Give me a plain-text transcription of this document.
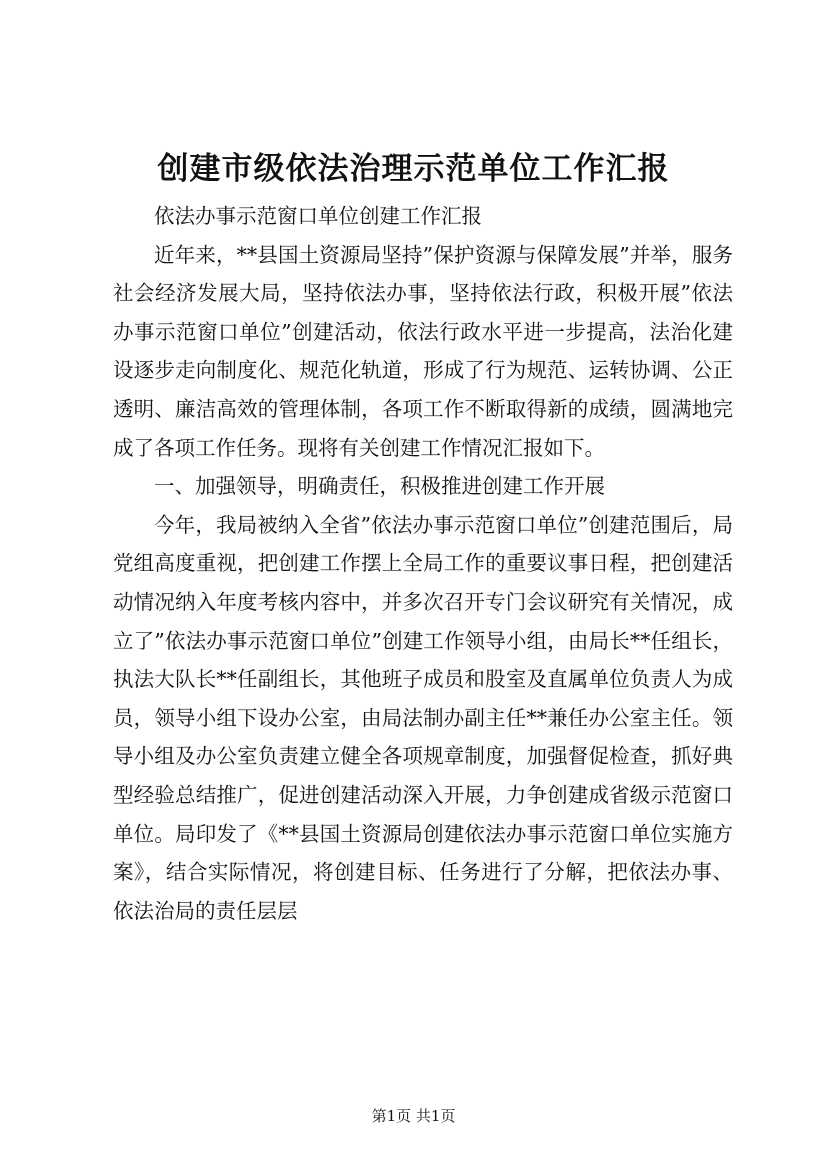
创建市级依法治理示范单位工作汇报

依法办事示范窗口单位创建工作汇报

近年来，**县国土资源局坚持”保护资源与保障发展”并举，服务社会经济发展大局，坚持依法办事，坚持依法行政，积极开展”依法办事示范窗口单位”创建活动，依法行政水平进一步提高，法治化建设逐步走向制度化、规范化轨道，形成了行为规范、运转协调、公正透明、廉洁高效的管理体制，各项工作不断取得新的成绩，圆满地完成了各项工作任务。现将有关创建工作情况汇报如下。

一、加强领导，明确责任，积极推进创建工作开展

今年，我局被纳入全省”依法办事示范窗口单位”创建范围后，局党组高度重视，把创建工作摆上全局工作的重要议事日程，把创建活动情况纳入年度考核内容中，并多次召开专门会议研究有关情况，成立了”依法办事示范窗口单位”创建工作领导小组，由局长**任组长，执法大队长**任副组长，其他班子成员和股室及直属单位负责人为成员，领导小组下设办公室，由局法制办副主任**兼任办公室主任。领导小组及办公室负责建立健全各项规章制度，加强督促检查，抓好典型经验总结推广，促进创建活动深入开展，力争创建成省级示范窗口单位。局印发了《**县国土资源局创建依法办事示范窗口单位实施方案》，结合实际情况，将创建目标、任务进行了分解，把依法办事、依法治局的责任层层

第1页 共1页
